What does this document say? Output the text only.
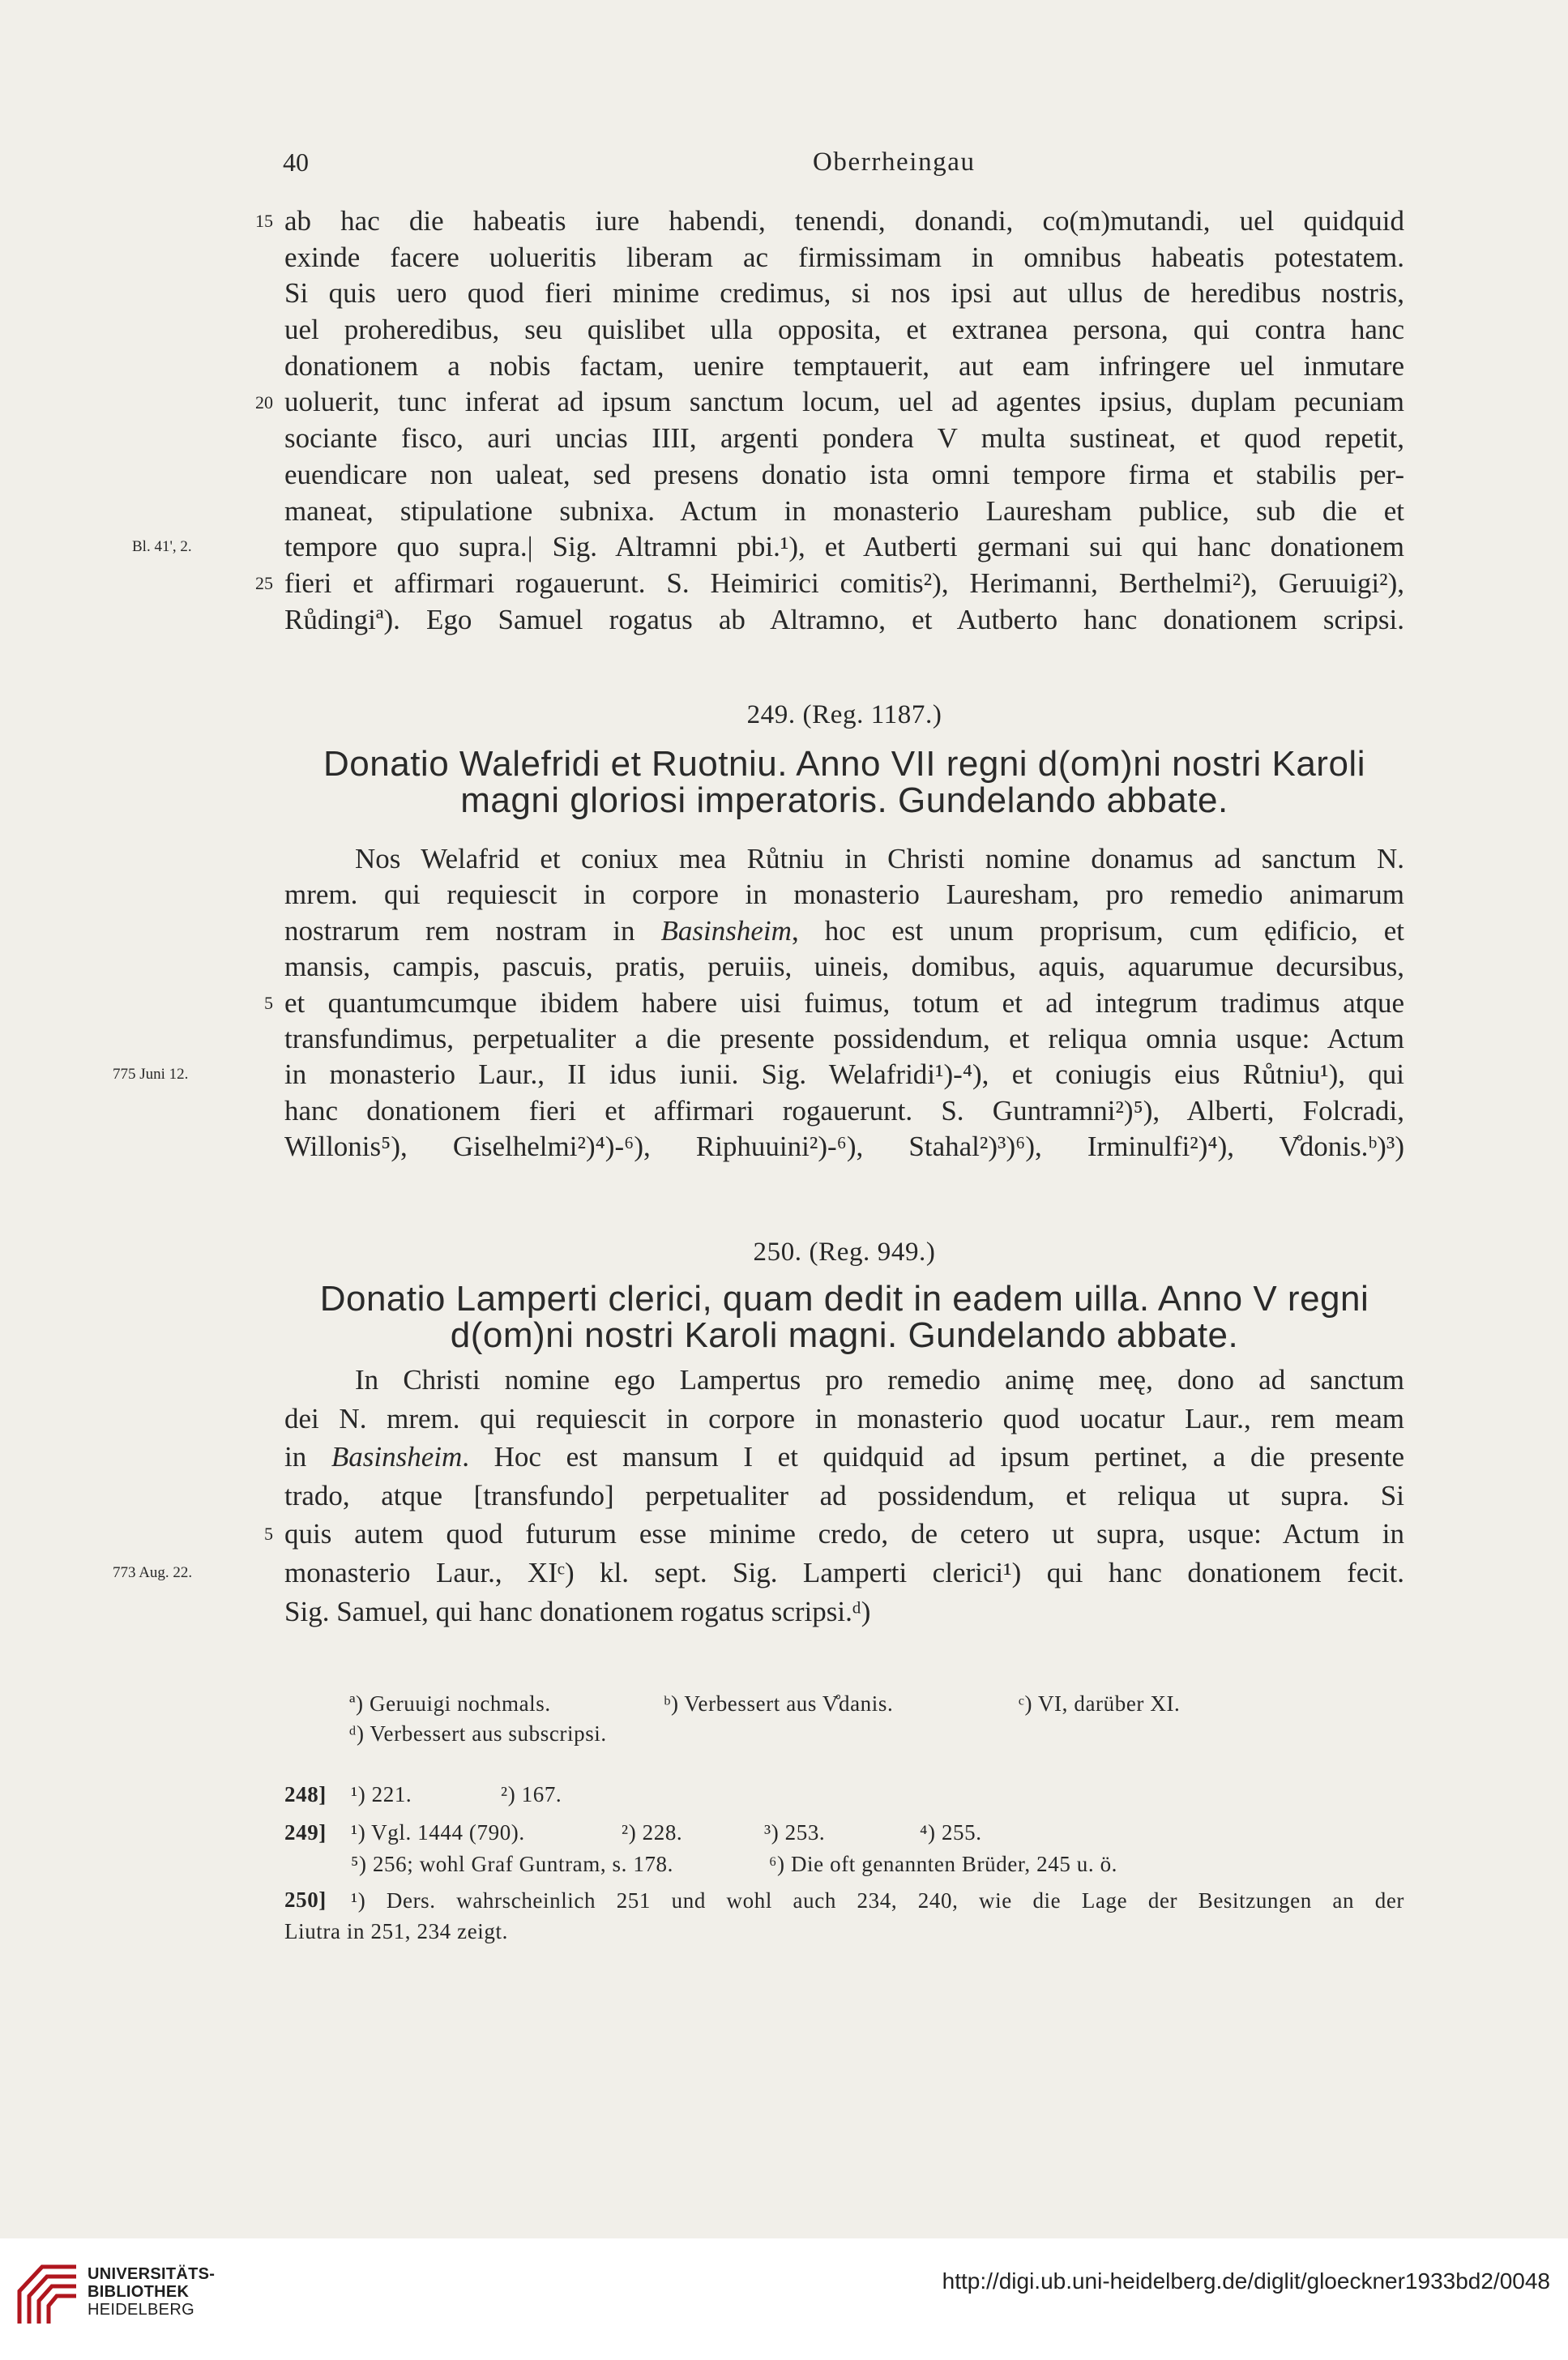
40	Oberrheingau
15
20
25
Bl. 41', 2.
ab hac die habeatis iure habendi, tenendi, donandi, co(m)mutandi, uel quidquid
exinde facere uolueritis liberam ac firmissimam in omnibus habeatis potestatem.
Si quis uero quod fieri minime credimus, si nos ipsi aut ullus de heredibus nostris,
uel proheredibus, seu quislibet ulla opposita, et extranea persona, qui contra hanc
donationem a nobis factam, uenire temptauerit, aut eam infringere uel inmutare
uoluerit, tunc inferat ad ipsum sanctum locum, uel ad agentes ipsius, duplam pecuniam
sociante fisco, auri uncias IIII, argenti pondera V multa sustineat, et quod repetit,
euendicare non ualeat, sed presens donatio ista omni tempore firma et stabilis per-
maneat, stipulatione subnixa. Actum in monasterio Lauresham publice, sub die et
tempore quo supra.| Sig. Altramni pbi.¹), et Autberti germani sui qui hanc donationem
fieri et affirmari rogauerunt. S. Heimirici comitis²), Herimanni, Berthelmi²), Geruuigi²),
Růdingiª). Ego Samuel rogatus ab Altramno, et Autberto hanc donationem scripsi.
249. (Reg. 1187.)
Donatio Walefridi et Ruotniu. Anno VII regni d(om)ni nostri Karoli
magni gloriosi imperatoris. Gundelando abbate.
5
775 Juni 12.
Nos Welafrid et coniux mea Růtniu in Christi nomine donamus ad sanctum N.
mrem. qui requiescit in corpore in monasterio Lauresham, pro remedio animarum
nostrarum rem nostram in Basinsheim, hoc est unum proprisum, cum ędificio, et
mansis, campis, pascuis, pratis, peruiis, uineis, domibus, aquis, aquarumue decursibus,
et quantumcumque ibidem habere uisi fuimus, totum et ad integrum tradimus atque
transfundimus, perpetualiter a die presente possidendum, et reliqua omnia usque: Actum
in monasterio Laur., II idus iunii. Sig. Welafridi¹)-⁴), et coniugis eius Růtniu¹), qui
hanc donationem fieri et affirmari rogauerunt. S. Guntramni²)⁵), Alberti, Folcradi,
Willonis⁵), Giselhelmi²)⁴)-⁶), Riphuuini²)-⁶), Stahal²)³)⁶), Irminulfi²)⁴), V̊donis.ᵇ)³)
250. (Reg. 949.)
Donatio Lamperti clerici, quam dedit in eadem uilla. Anno V regni
d(om)ni nostri Karoli magni. Gundelando abbate.
5
773 Aug. 22.
In Christi nomine ego Lampertus pro remedio animę meę, dono ad sanctum
dei N. mrem. qui requiescit in corpore in monasterio quod uocatur Laur., rem meam
in Basinsheim. Hoc est mansum I et quidquid ad ipsum pertinet, a die presente
trado, atque [transfundo] perpetualiter ad possidendum, et reliqua ut supra. Si
quis autem quod futurum esse minime credo, de cetero ut supra, usque: Actum in
monasterio Laur., XIᶜ) kl. sept. Sig. Lamperti clerici¹) qui hanc donationem fecit.
Sig. Samuel, qui hanc donationem rogatus scripsi.ᵈ)
ª) Geruuigi nochmals.	ᵇ) Verbessert aus V̊danis.	ᶜ) VI, darüber XI.
ᵈ) Verbessert aus subscripsi.
248] ¹) 221.	²) 167.
249] ¹) Vgl. 1444 (790).	²) 228.	³) 253.	⁴) 255.
⁵) 256; wohl Graf Guntram, s. 178.	⁶) Die oft genannten Brüder, 245 u. ö.
250] ¹) Ders. wahrscheinlich 251 und wohl auch 234, 240, wie die Lage der Besitzungen an der
Liutra in 251, 234 zeigt.
UNIVERSITÄTS-
BIBLIOTHEK
HEIDELBERG
http://digi.ub.uni-heidelberg.de/diglit/gloeckner1933bd2/0048
